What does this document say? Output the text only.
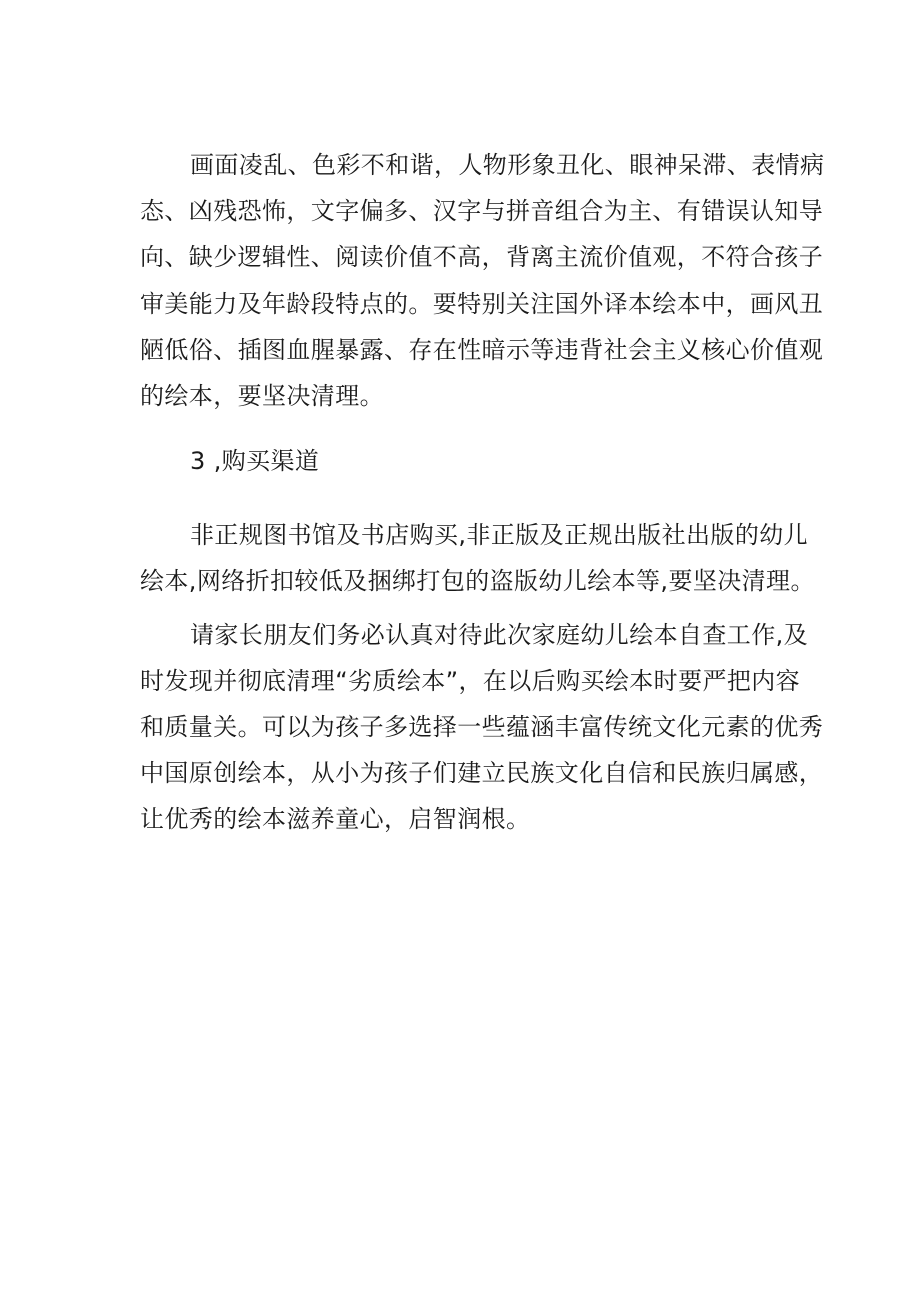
画面凌乱、色彩不和谐，人物形象丑化、眼神呆滞、表情病
态、凶残恐怖，文字偏多、汉字与拼音组合为主、有错误认知导
向、缺少逻辑性、阅读价值不高，背离主流价值观，不符合孩子
审美能力及年龄段特点的。要特别关注国外译本绘本中，画风丑
陋低俗、插图血腥暴露、存在性暗示等违背社会主义核心价值观
的绘本，要坚决清理。
3 ,购买渠道
非正规图书馆及书店购买,非正版及正规出版社出版的幼儿
绘本,网络折扣较低及捆绑打包的盗版幼儿绘本等,要坚决清理。
请家长朋友们务必认真对待此次家庭幼儿绘本自查工作,及
时发现并彻底清理“劣质绘本”，在以后购买绘本时要严把内容
和质量关。可以为孩子多选择一些蕴涵丰富传统文化元素的优秀
中国原创绘本，从小为孩子们建立民族文化自信和民族归属感，
让优秀的绘本滋养童心，启智润根。
